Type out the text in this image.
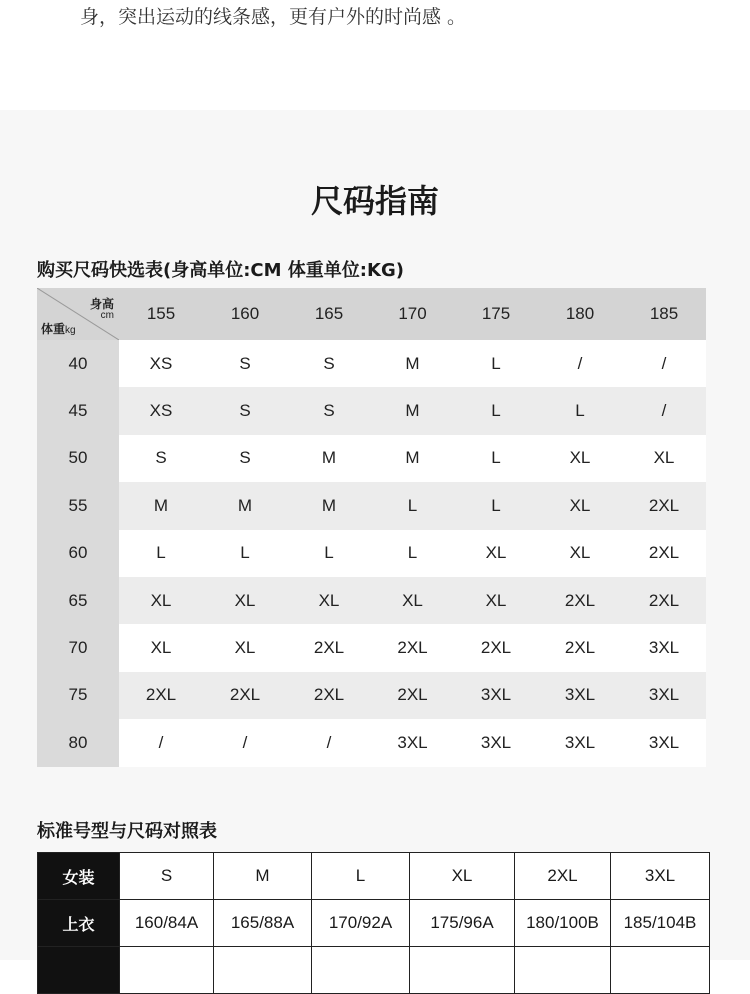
身，突出运动的线条感，更有户外的时尚感 。
尺码指南
购买尺码快选表(身高单位:CM 体重单位:KG)
身高
cm
体重kg	155	160	165	170	175	180	185
40	XS	S	S	M	L	/	/
45	XS	S	S	M	L	L	/
50	S	S	M	M	L	XL	XL
55	M	M	M	L	L	XL	2XL
60	L	L	L	L	XL	XL	2XL
65	XL	XL	XL	XL	XL	2XL	2XL
70	XL	XL	2XL	2XL	2XL	2XL	3XL
75	2XL	2XL	2XL	2XL	3XL	3XL	3XL
80	/	/	/	3XL	3XL	3XL	3XL
标准号型与尺码对照表
女装	S	M	L	XL	2XL	3XL
上衣	160/84A	165/88A	170/92A	175/96A	180/100B	185/104B
